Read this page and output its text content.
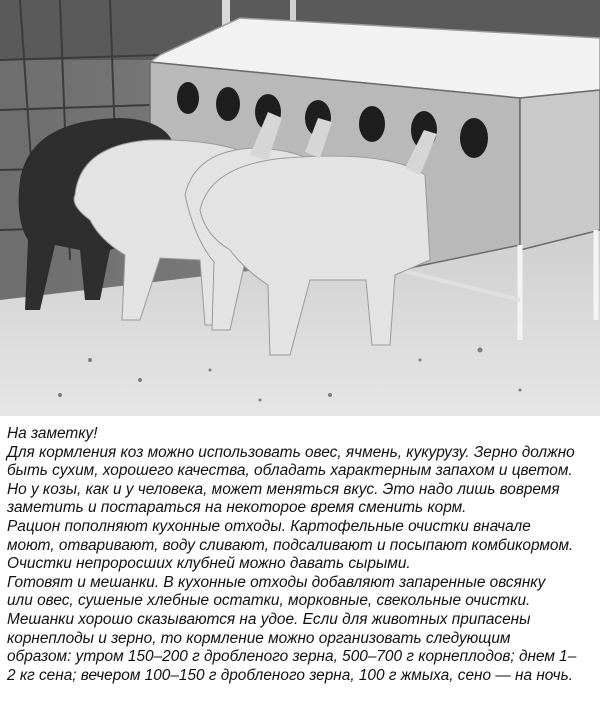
На заметку!

Для кормления коз можно использовать овес, ячмень, кукурузу. Зерно должно

быть сухим, хорошего качества, обладать характерным запахом и цветом.

Но у козы, как и у человека, может меняться вкус. Это надо лишь вовремя

заметить и постараться на некоторое время сменить корм.

Рацион пополняют кухонные отходы. Картофельные очистки вначале

моют, отваривают, воду сливают, подсаливают и посыпают комбикормом.

Очистки непроросших клубней можно давать сырыми.

Готовят и мешанки. В кухонные отходы добавляют запаренные овсянку

или овес, сушеные хлебные остатки, морковные, свекольные очистки.

Мешанки хорошо сказываются на удое. Если для животных припасены

корнеплоды и зерно, то кормление можно организовать следующим

образом: утром 150–200 г дробленого зерна, 500–700 г корнеплодов; днем 1–

2 кг сена; вечером 100–150 г дробленого зерна, 100 г жмыха, сено — на ночь.
